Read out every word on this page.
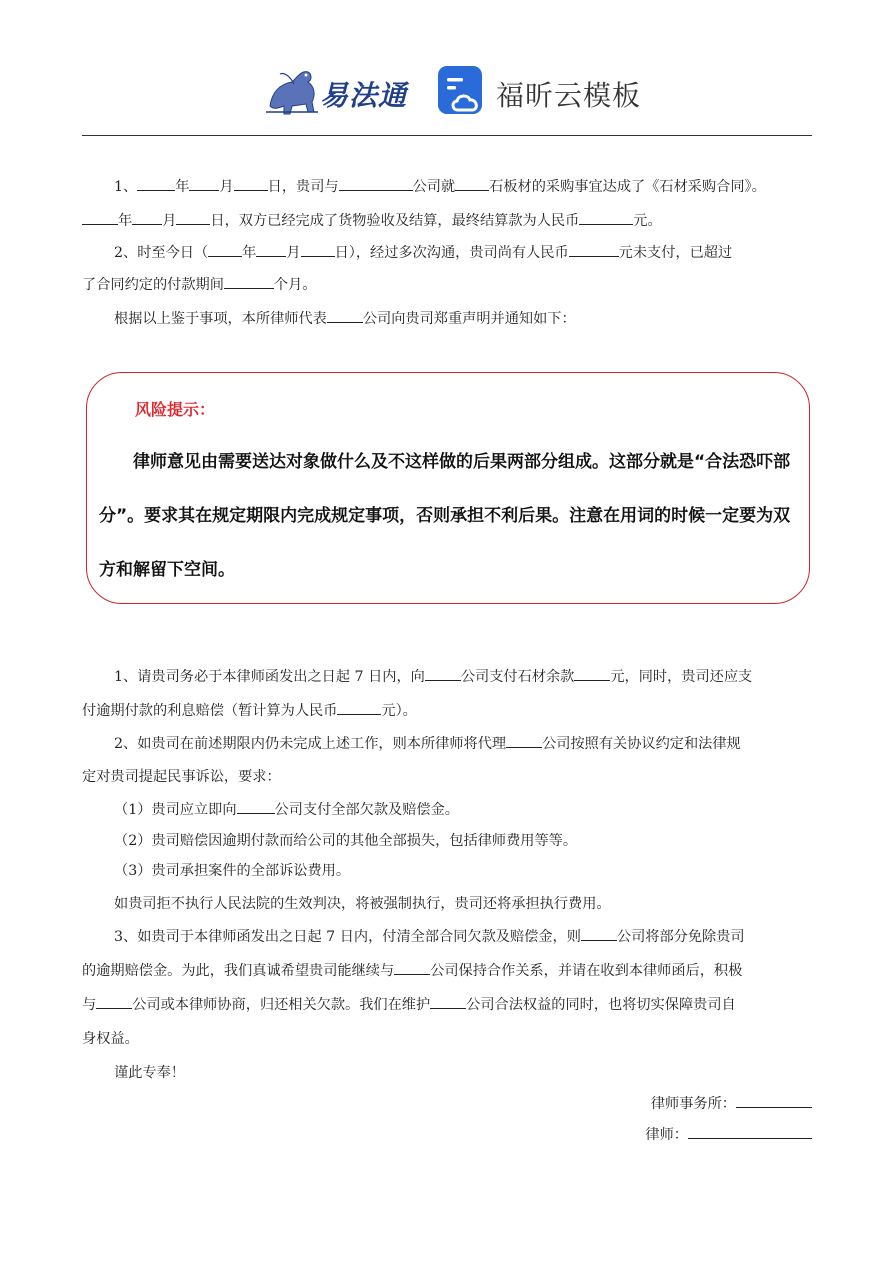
易法通	福昕云模板

1、	年 月 日，贵司与	公司就 石板材的采购事宜达成了《石材采购合同》。

年 月 日，双方已经完成了货物验收及结算，最终结算款为人民币	元。

2、时至今日（ 年 月 日），经过多次沟通，贵司尚有人民币	元未支付，已超过

了合同约定的付款期间	个月。

根据以上鉴于事项，本所律师代表	公司向贵司郑重声明并通知如下：

风险提示：

律师意见由需要送达对象做什么及不这样做的后果两部分组成。这部分就是“合法恐吓部分”。要求其在规定期限内完成规定事项，否则承担不利后果。注意在用词的时候一定要为双方和解留下空间。

1、请贵司务必于本律师函发出之日起 7 日内，向	公司支付石材余款	元，同时，贵司还应支

付逾期付款的利息赔偿（暂计算为人民币	元）。

2、如贵司在前述期限内仍未完成上述工作，则本所律师将代理	公司按照有关协议约定和法律规

定对贵司提起民事诉讼，要求：

（1）贵司应立即向	公司支付全部欠款及赔偿金。

（2）贵司赔偿因逾期付款而给公司的其他全部损失，包括律师费用等等。

（3）贵司承担案件的全部诉讼费用。

如贵司拒不执行人民法院的生效判决，将被强制执行，贵司还将承担执行费用。

3、如贵司于本律师函发出之日起 7 日内，付清全部合同欠款及赔偿金，则	公司将部分免除贵司

的逾期赔偿金。为此，我们真诚希望贵司能继续与	公司保持合作关系，并请在收到本律师函后，积极

与	公司或本律师协商，归还相关欠款。我们在维护	公司合法权益的同时，也将切实保障贵司自

身权益。

谨此专奉！

律师事务所：
律师：
